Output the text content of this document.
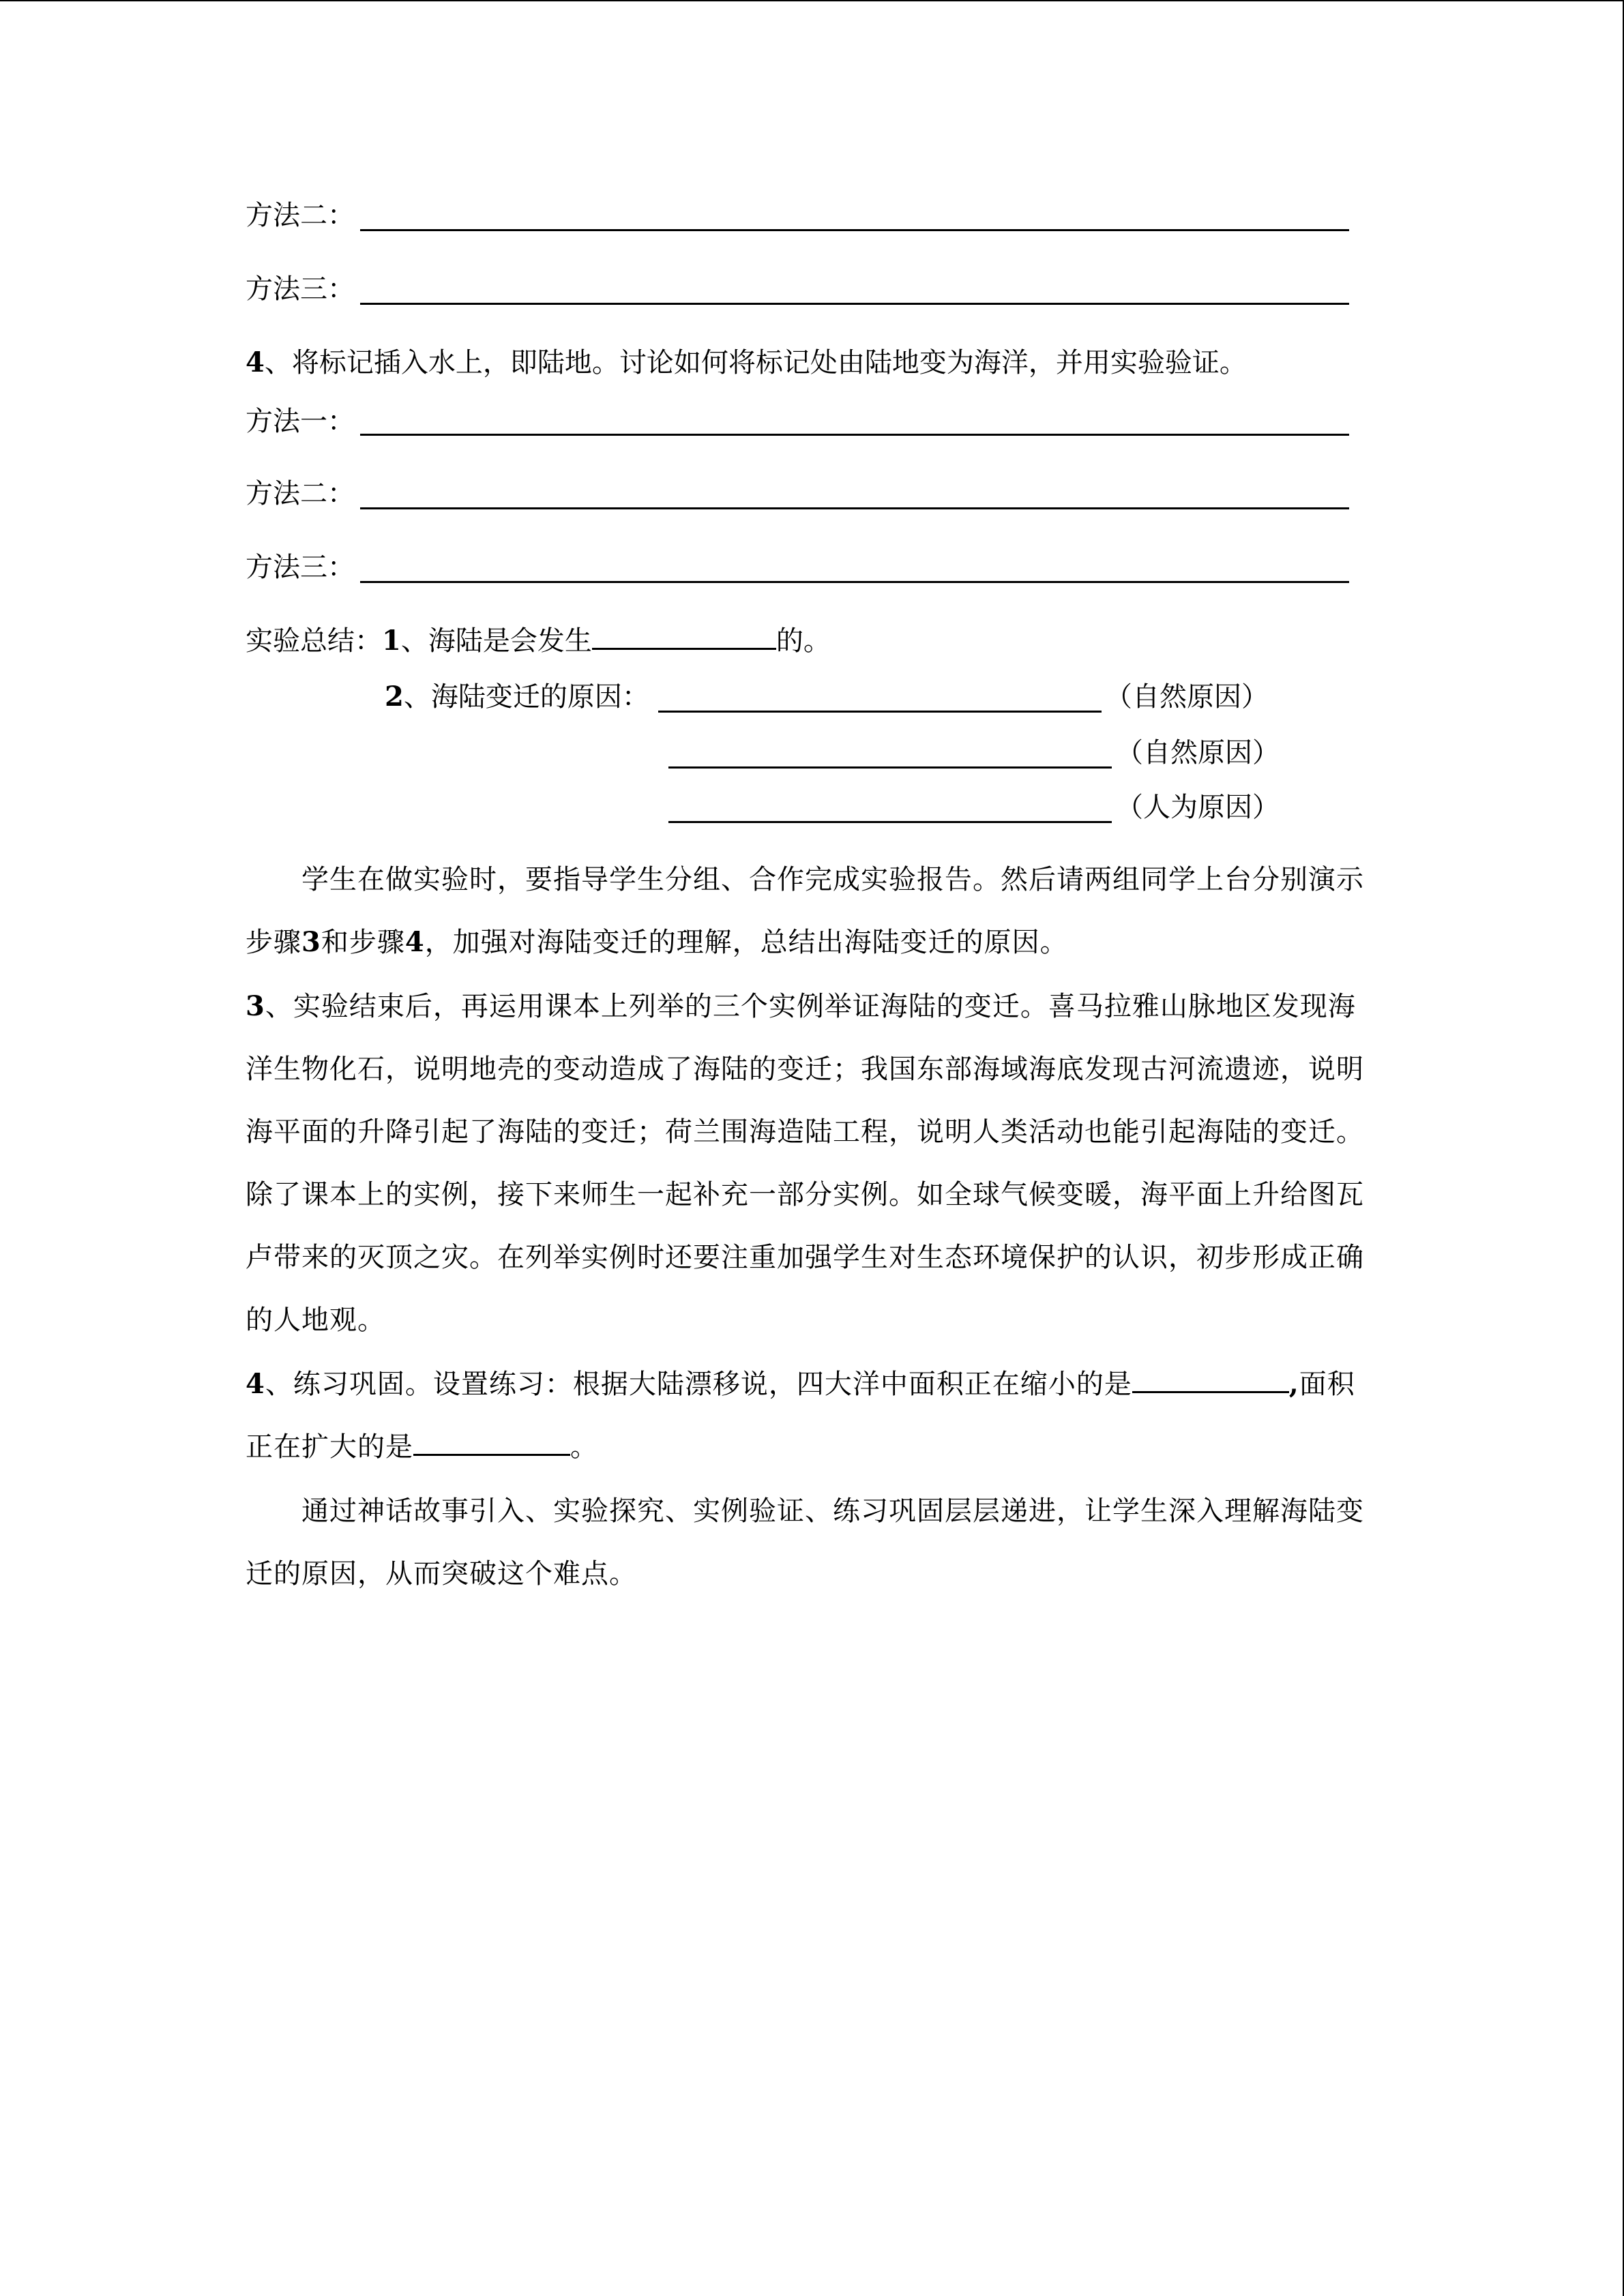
方法二：
方法三：
4、将标记插入水上，即陆地。讨论如何将标记处由陆地变为海洋，并用实验验证。
方法一：
方法二：
方法三：
实验总结：1、海陆是会发生	的。
2、海陆变迁的原因：	（自然原因）
（自然原因）
（人为原因）
学生在做实验时，要指导学生分组、合作完成实验报告。然后请两组同学上台分别演示步骤3和步骤4，加强对海陆变迁的理解，总结出海陆变迁的原因。
3、实验结束后，再运用课本上列举的三个实例举证海陆的变迁。喜马拉雅山脉地区发现海洋生物化石，说明地壳的变动造成了海陆的变迁；我国东部海域海底发现古河流遗迹，说明海平面的升降引起了海陆的变迁；荷兰围海造陆工程，说明人类活动也能引起海陆的变迁。除了课本上的实例，接下来师生一起补充一部分实例。如全球气候变暖，海平面上升给图瓦卢带来的灭顶之灾。在列举实例时还要注重加强学生对生态环境保护的认识，初步形成正确的人地观。
4、练习巩固。设置练习：根据大陆漂移说，四大洋中面积正在缩小的是	,面积正在扩大的是	。
通过神话故事引入、实验探究、实例验证、练习巩固层层递进，让学生深入理解海陆变迁的原因，从而突破这个难点。
